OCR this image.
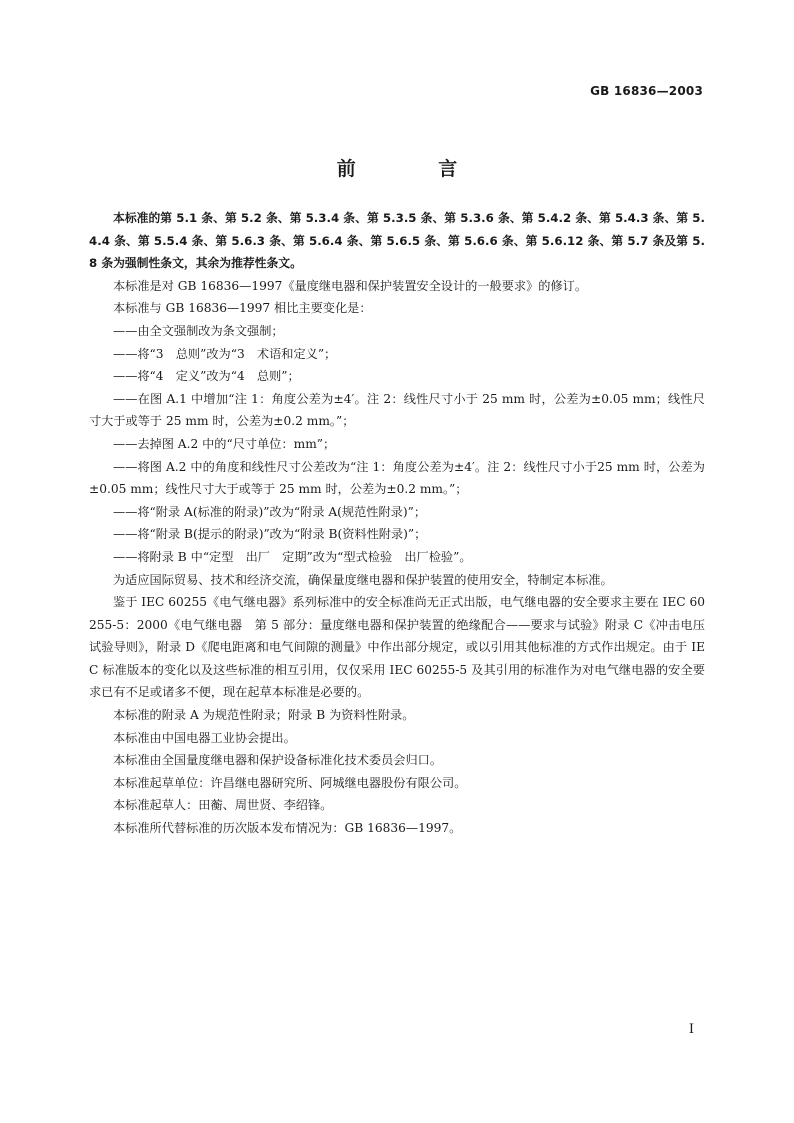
GB 16836—2003
前 言

本标准的第 5.1 条、第 5.2 条、第 5.3.4 条、第 5.3.5 条、第 5.3.6 条、第 5.4.2 条、第 5.4.3 条、第 5.4.4 条、第 5.5.4 条、第 5.6.3 条、第 5.6.4 条、第 5.6.5 条、第 5.6.6 条、第 5.6.12 条、第 5.7 条及第 5.8 条为强制性条文，其余为推荐性条文。

本标准是对 GB 16836—1997《量度继电器和保护装置安全设计的一般要求》的修订。

本标准与 GB 16836—1997 相比主要变化是：

——由全文强制改为条文强制；

——将“3　总则”改为“3　术语和定义”；

——将“4　定义”改为“4　总则”；

——在图 A.1 中增加“注 1：角度公差为±4′。注 2：线性尺寸小于 25 mm 时，公差为±0.05 mm；线性尺寸大于或等于 25 mm 时，公差为±0.2 mm。”；

——去掉图 A.2 中的“尺寸单位：mm”；

——将图 A.2 中的角度和线性尺寸公差改为“注 1：角度公差为±4′。注 2：线性尺寸小于25 mm 时，公差为±0.05 mm；线性尺寸大于或等于 25 mm 时，公差为±0.2 mm。”；

——将“附录 A(标准的附录)”改为“附录 A(规范性附录)”；

——将“附录 B(提示的附录)”改为“附录 B(资料性附录)”；

——将附录 B 中“定型　出厂　定期”改为“型式检验　出厂检验”。

为适应国际贸易、技术和经济交流，确保量度继电器和保护装置的使用安全，特制定本标准。

鉴于 IEC 60255《电气继电器》系列标准中的安全标准尚无正式出版，电气继电器的安全要求主要在 IEC 60255-5：2000《电气继电器　第 5 部分：量度继电器和保护装置的绝缘配合——要求与试验》附录 C《冲击电压试验导则》，附录 D《爬电距离和电气间隙的测量》中作出部分规定，或以引用其他标准的方式作出规定。由于 IEC 标准版本的变化以及这些标准的相互引用，仅仅采用 IEC 60255-5 及其引用的标准作为对电气继电器的安全要求已有不足或诸多不便，现在起草本标准是必要的。

本标准的附录 A 为规范性附录；附录 B 为资料性附录。

本标准由中国电器工业协会提出。

本标准由全国量度继电器和保护设备标准化技术委员会归口。

本标准起草单位：许昌继电器研究所、阿城继电器股份有限公司。

本标准起草人：田蘅、周世贤、李绍锋。

本标准所代替标准的历次版本发布情况为：GB 16836—1997。

I
